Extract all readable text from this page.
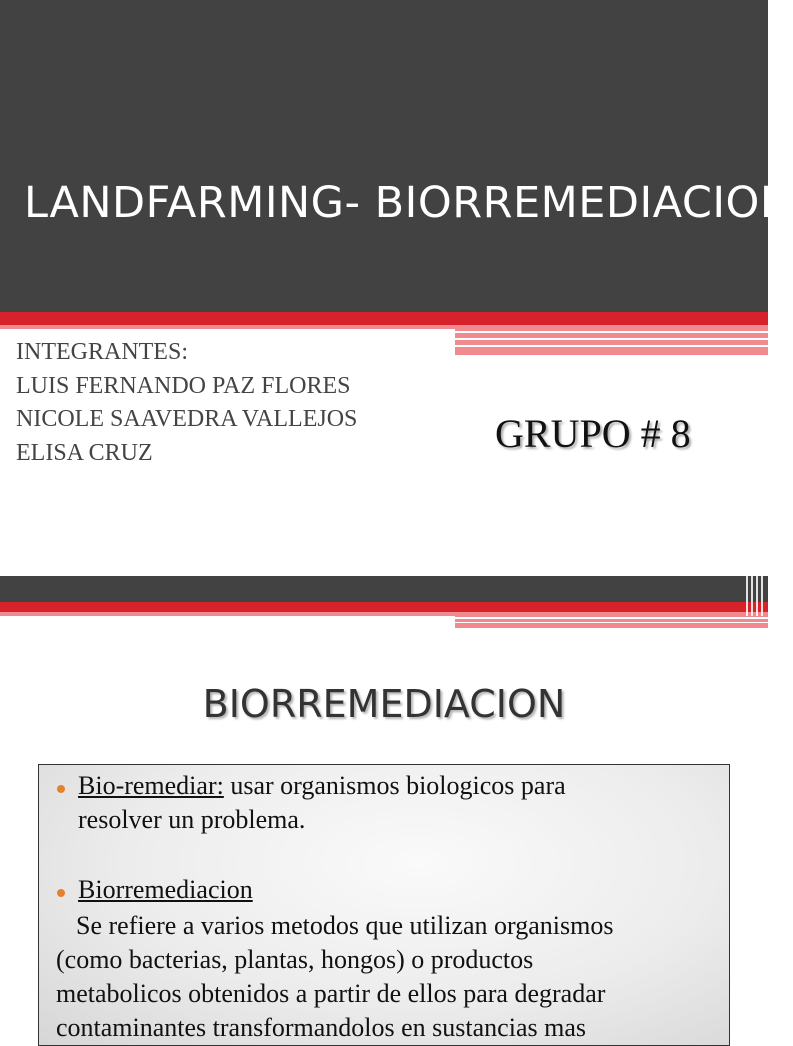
LANDFARMING- BIORREMEDIACION
INTEGRANTES:
LUIS FERNANDO PAZ FLORES
NICOLE SAAVEDRA VALLEJOS
ELISA CRUZ	GRUPO # 8
BIORREMEDIACION
Bio-remediar: usar organismos biologicos para
resolver un problema.
Biorremediacion
Se refiere a varios metodos que utilizan organismos
(como bacterias, plantas, hongos) o productos
metabolicos obtenidos a partir de ellos para degradar
contaminantes transformandolos en sustancias mas
